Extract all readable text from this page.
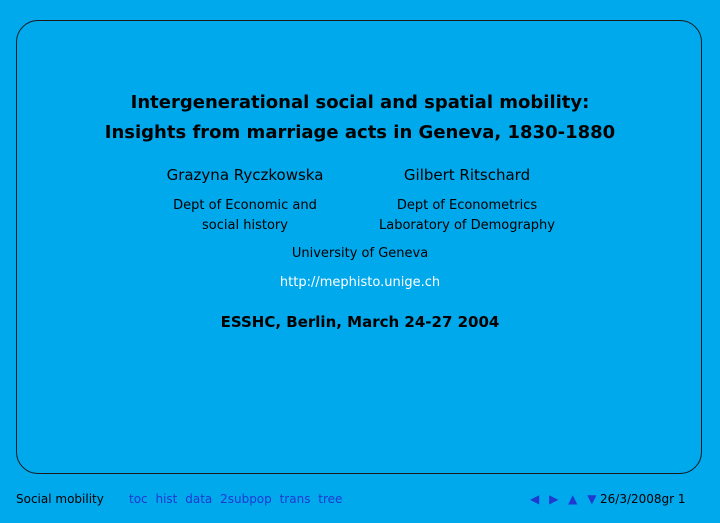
Intergenerational social and spatial mobility:
Insights from marriage acts in Geneva, 1830-1880
Grazyna Ryczkowska	Gilbert Ritschard
Dept of Economic and
social history
Dept of Econometrics
Laboratory of Demography
University of Geneva
http://mephisto.unige.ch
ESSHC, Berlin, March 24-27 2004
Social mobility toc hist data 2subpop trans tree	◀ ▶ ▲ ▼ 26/3/2008gr 1
